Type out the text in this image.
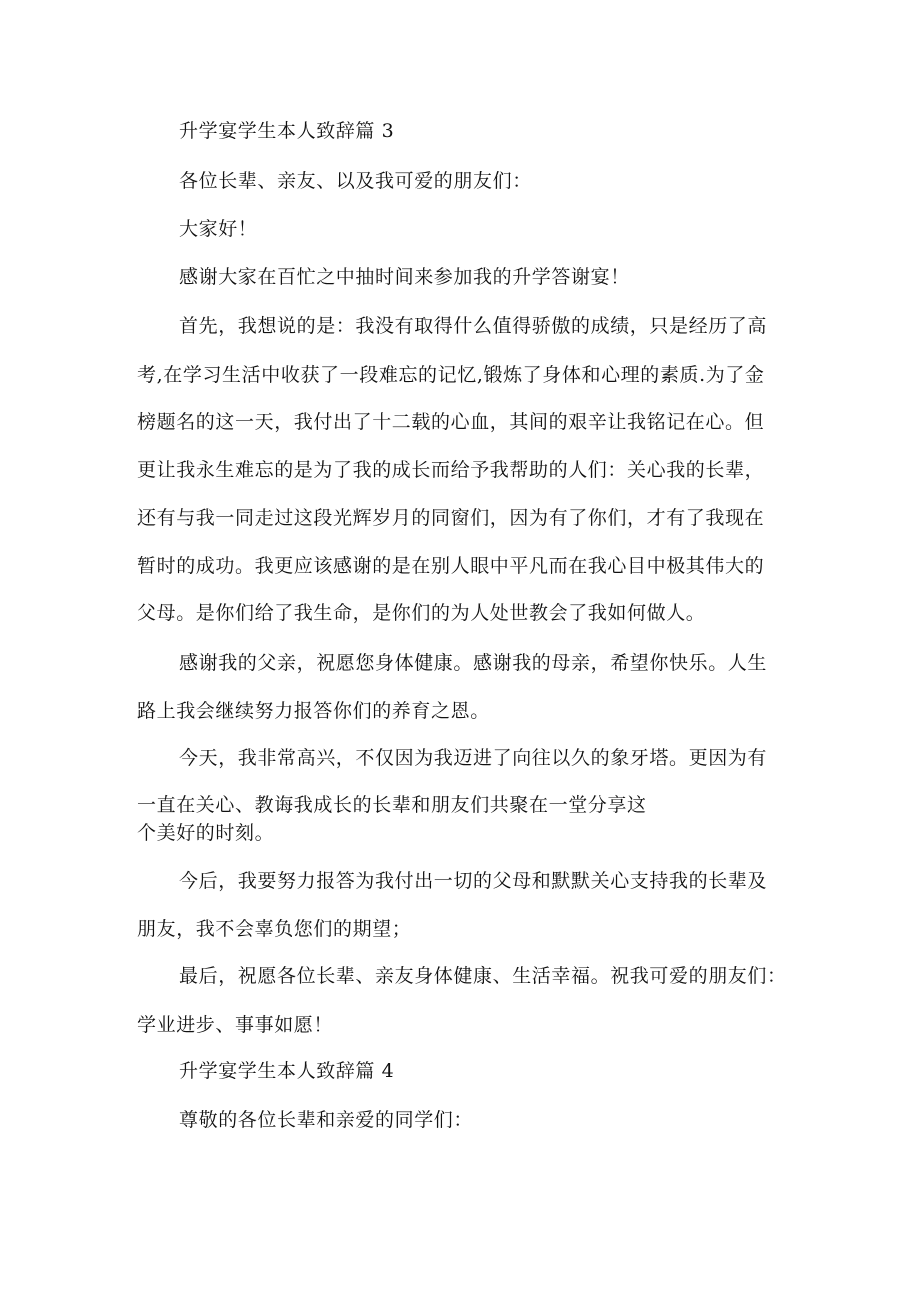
升学宴学生本人致辞篇 3
各位长辈、亲友、以及我可爱的朋友们：
大家好！
感谢大家在百忙之中抽时间来参加我的升学答谢宴！
首先，我想说的是：我没有取得什么值得骄傲的成绩，只是经历了高
考,在学习生活中收获了一段难忘的记忆,锻炼了身体和心理的素质.为了金
榜题名的这一天，我付出了十二载的心血，其间的艰辛让我铭记在心。但
更让我永生难忘的是为了我的成长而给予我帮助的人们：关心我的长辈，
还有与我一同走过这段光辉岁月的同窗们，因为有了你们，才有了我现在
暂时的成功。我更应该感谢的是在别人眼中平凡而在我心目中极其伟大的
父母。是你们给了我生命，是你们的为人处世教会了我如何做人。
感谢我的父亲，祝愿您身体健康。感谢我的母亲，希望你快乐。人生
路上我会继续努力报答你们的养育之恩。
今天，我非常高兴，不仅因为我迈进了向往以久的象牙塔。更因为有
一直在关心、教诲我成长的长辈和朋友们共聚在一堂分享这
个美好的时刻。
今后，我要努力报答为我付出一切的父母和默默关心支持我的长辈及
朋友，我不会辜负您们的期望；
最后，祝愿各位长辈、亲友身体健康、生活幸福。祝我可爱的朋友们：
学业进步、事事如愿！
升学宴学生本人致辞篇 4
尊敬的各位长辈和亲爱的同学们：
